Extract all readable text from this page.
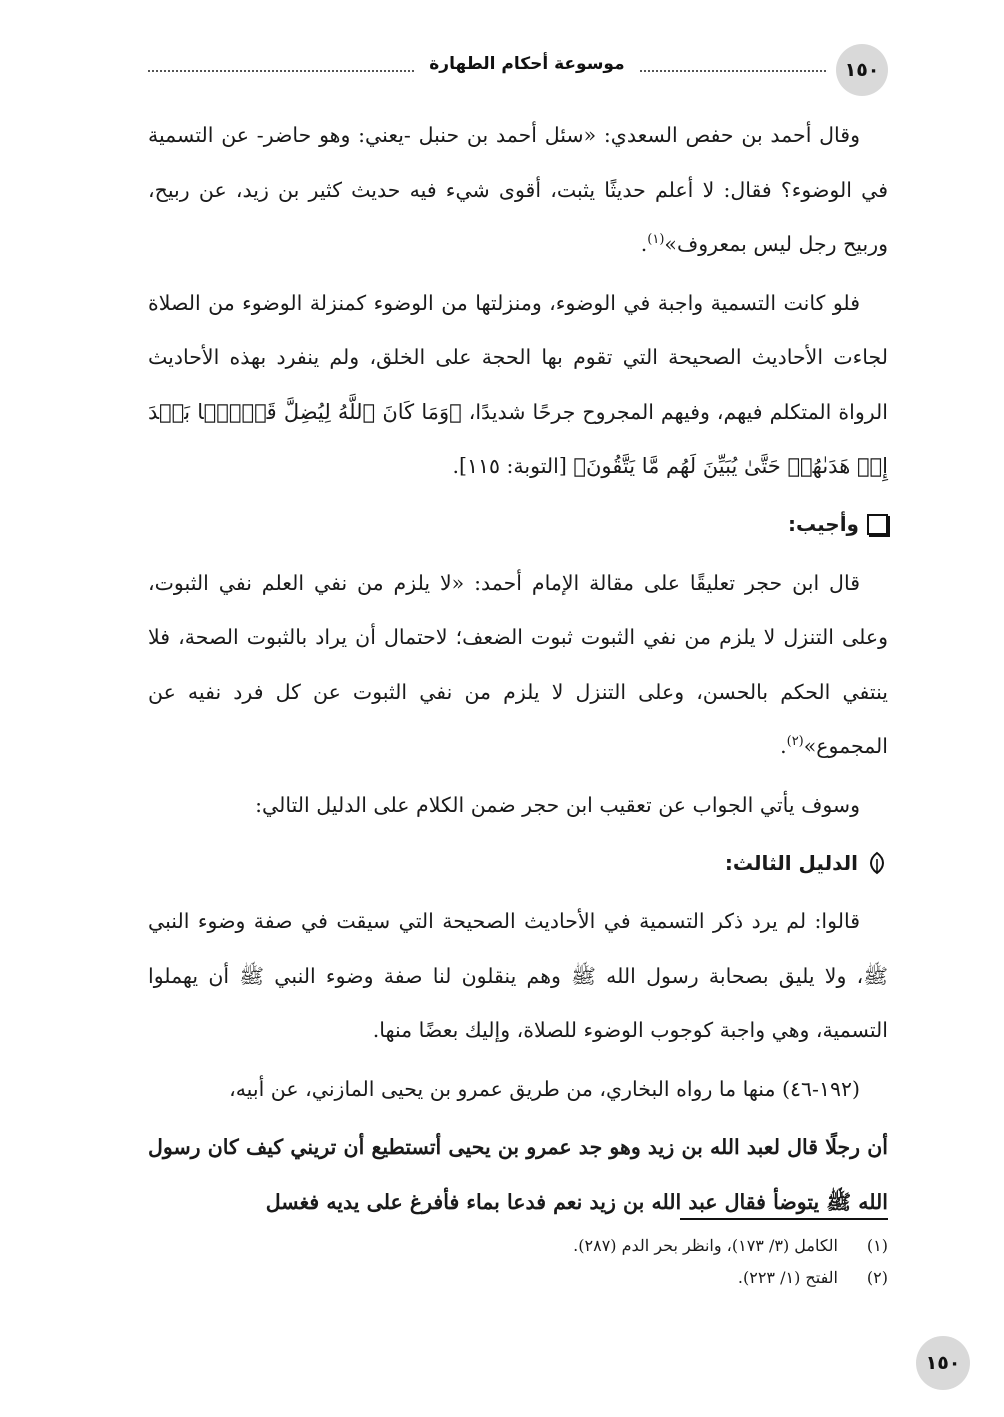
موسوعة أحكام الطهارة	١٥٠

وقال أحمد بن حفص السعدي: «سئل أحمد بن حنبل -يعني: وهو حاضر- عن التسمية في الوضوء؟ فقال: لا أعلم حديثًا يثبت، أقوى شيء فيه حديث كثير بن زيد، عن ربيح، وربيح رجل ليس بمعروف»$^{(١)}$.

فلو كانت التسمية واجبة في الوضوء، ومنزلتها من الوضوء كمنزلة الوضوء من الصلاة لجاءت الأحاديث الصحيحة التي تقوم بها الحجة على الخلق، ولم ينفرد بهذه الأحاديث الرواة المتكلم فيهم، وفيهم المجروح جرحًا شديدًا، ﴿وَمَا كَانَ ٱللَّهُ لِيُضِلَّ قَوۡمَۢا بَعۡدَ إِذۡ هَدَىٰهُمۡ حَتَّىٰ يُبَيِّنَ لَهُم مَّا يَتَّقُونَ﴾ [التوبة: ١١٥].

وأجيب:

قال ابن حجر تعليقًا على مقالة الإمام أحمد: «لا يلزم من نفي العلم نفي الثبوت، وعلى التنزل لا يلزم من نفي الثبوت ثبوت الضعف؛ لاحتمال أن يراد بالثبوت الصحة، فلا ينتفي الحكم بالحسن، وعلى التنزل لا يلزم من نفي الثبوت عن كل فرد نفيه عن المجموع»$^{(٢)}$.

وسوف يأتي الجواب عن تعقيب ابن حجر ضمن الكلام على الدليل التالي:

الدليل الثالث:

قالوا: لم يرد ذكر التسمية في الأحاديث الصحيحة التي سيقت في صفة وضوء النبي ﷺ، ولا يليق بصحابة رسول الله ﷺ وهم ينقلون لنا صفة وضوء النبي ﷺ أن يهملوا التسمية، وهي واجبة كوجوب الوضوء للصلاة، وإليك بعضًا منها.

(١٩٢-٤٦) منها ما رواه البخاري، من طريق عمرو بن يحيى المازني، عن أبيه،

أن رجلًا قال لعبد الله بن زيد وهو جد عمرو بن يحيى أتستطيع أن تريني كيف كان رسول الله ﷺ يتوضأ فقال عبد الله بن زيد نعم فدعا بماء فأفرغ على يديه فغسل

(١)
الكامل (٣/ ١٧٣)، وانظر بحر الدم (٢٨٧).
(٢)
الفتح (١/ ٢٢٣).
١٥٠
